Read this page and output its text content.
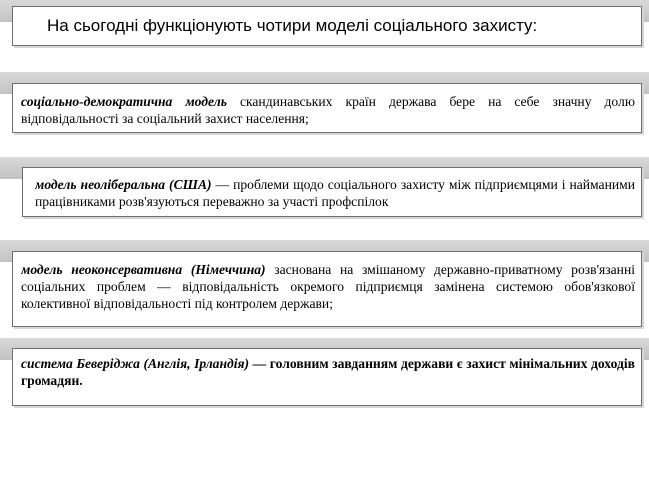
На сьогодні функціонують чотири моделі соціального захисту:

соціально-демократична модель скандинавських країн держава бере на себе значну долю відповідальності за соціальний захист населення;

модель неоліберальна (США) — проблеми щодо соціального захисту між підприємцями і найманими працівниками розв'язуються переважно за участі профспілок

модель неоконсервативна (Німеччина) заснована на змішаному державно-приватному розв'язанні соціальних проблем — відповідальність окремого підприємця замінена системою обов'язкової колективної відповідальності під контролем держави;

система Беверіджа (Англія, Ірландія) — головним завданням держави є захист мінімальних доходів громадян.
